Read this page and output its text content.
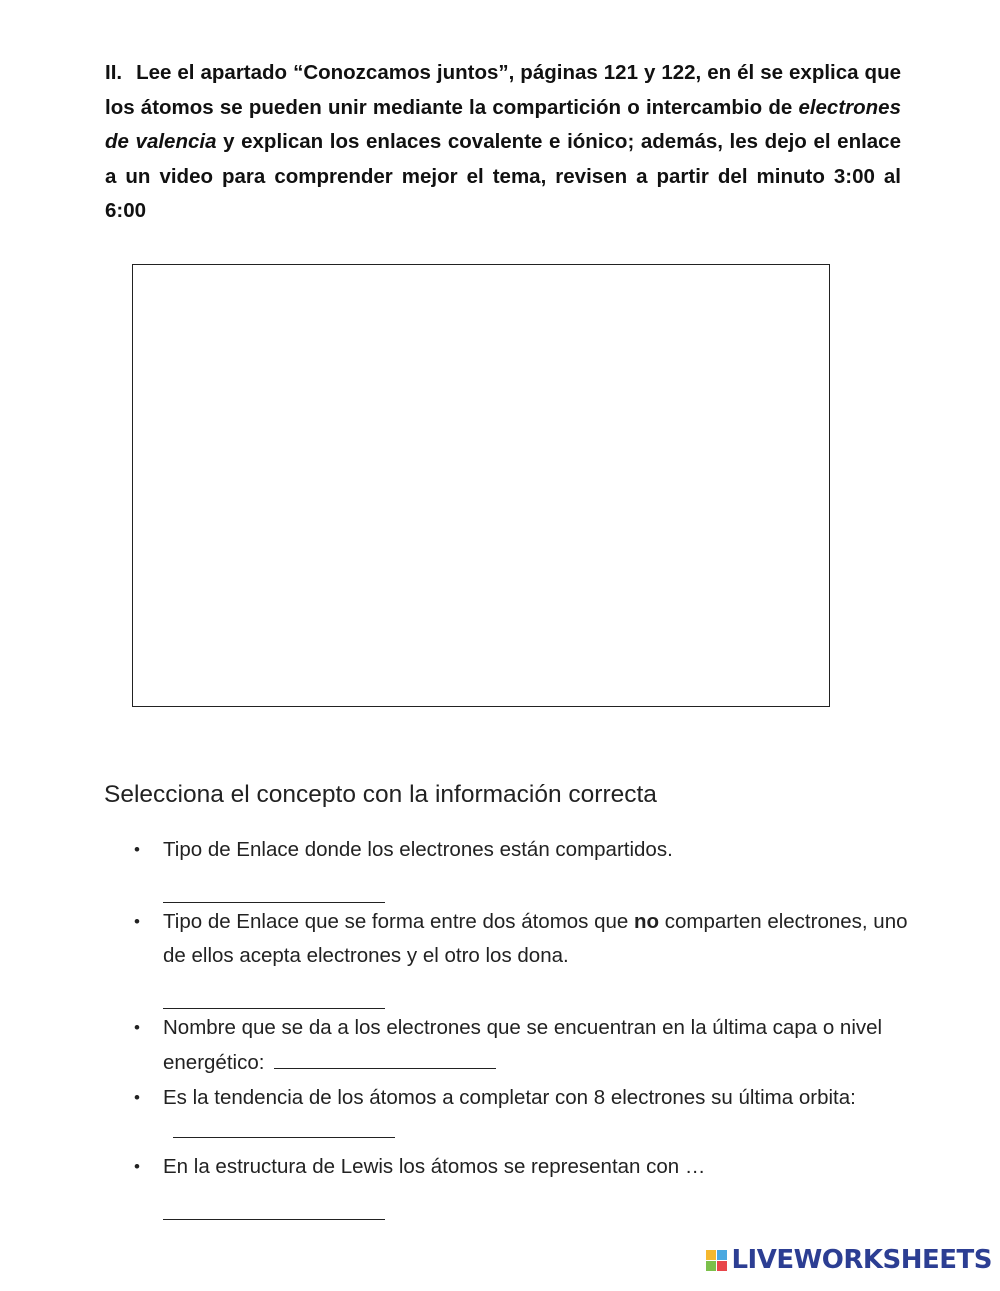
II. Lee el apartado “Conozcamos juntos”, páginas 121 y 122, en él se explica que los átomos se pueden unir mediante la compartición o intercambio de electrones de valencia y explican los enlaces covalente e iónico; además, les dejo el enlace a un video para comprender mejor el tema, revisen a partir del minuto 3:00 al 6:00
Selecciona el concepto con la información correcta
• Tipo de Enlace donde los electrones están compartidos.
• Tipo de Enlace que se forma entre dos átomos que no comparten electrones, uno de ellos acepta electrones y el otro los dona.
• Nombre que se da a los electrones que se encuentran en la última capa o nivel energético:
• Es la tendencia de los átomos a completar con 8 electrones su última orbita:
• En la estructura de Lewis los átomos se representan con …
LIVEWORKSHEETS
